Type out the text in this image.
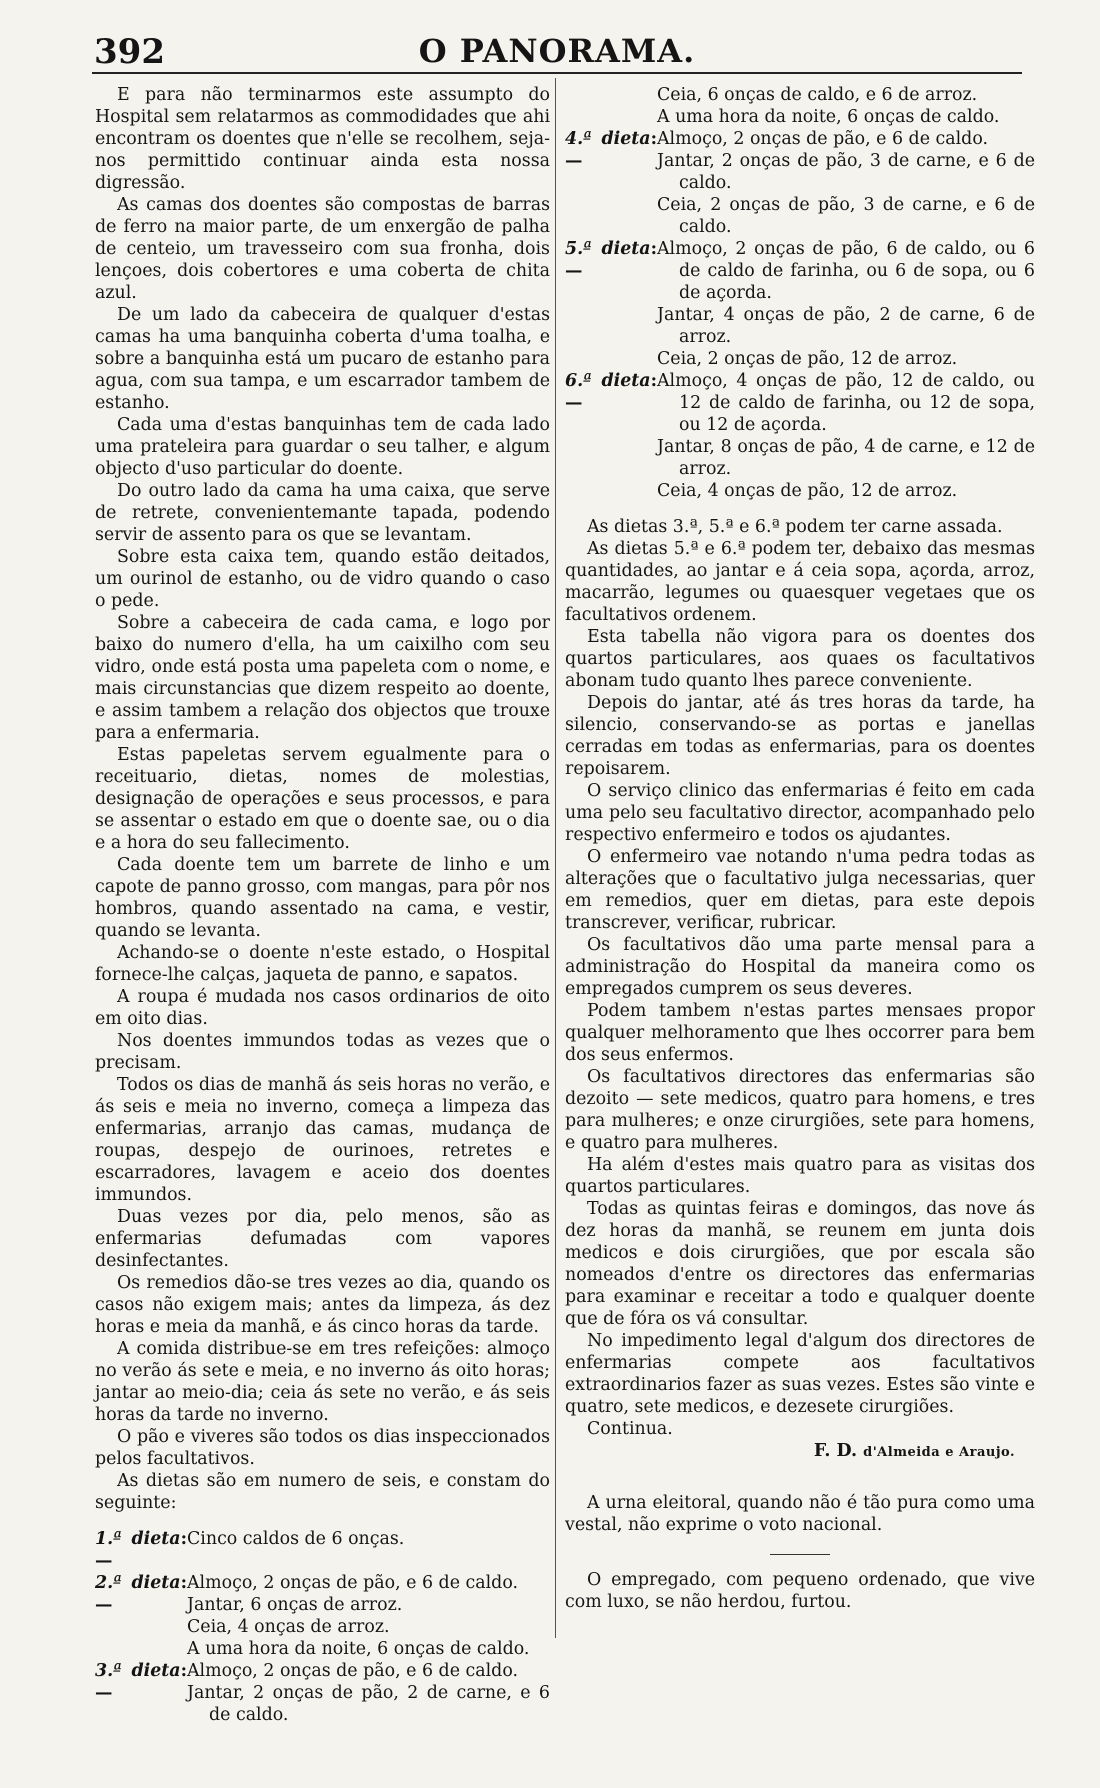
392	O PANORAMA.

E para não terminarmos este assumpto do Hospital sem relatarmos as commodidades que ahi encontram os doentes que n'elle se recolhem, seja-nos permittido continuar ainda esta nossa digressão.

As camas dos doentes são compostas de barras de ferro na maior parte, de um enxergão de palha de centeio, um travesseiro com sua fronha, dois lençoes, dois cobertores e uma coberta de chita azul.

De um lado da cabeceira de qualquer d'estas camas ha uma banquinha coberta d'uma toalha, e sobre a banquinha está um pucaro de estanho para agua, com sua tampa, e um escarrador tambem de estanho.

Cada uma d'estas banquinhas tem de cada lado uma prateleira para guardar o seu talher, e algum objecto d'uso particular do doente.

Do outro lado da cama ha uma caixa, que serve de retrete, convenientemante tapada, podendo servir de assento para os que se levantam.

Sobre esta caixa tem, quando estão deitados, um ourinol de estanho, ou de vidro quando o caso o pede.

Sobre a cabeceira de cada cama, e logo por baixo do numero d'ella, ha um caixilho com seu vidro, onde está posta uma papeleta com o nome, e mais circunstancias que dizem respeito ao doente, e assim tambem a relação dos objectos que trouxe para a enfermaria.

Estas papeletas servem egualmente para o receituario, dietas, nomes de molestias, designação de operações e seus processos, e para se assentar o estado em que o doente sae, ou o dia e a hora do seu fallecimento.

Cada doente tem um barrete de linho e um capote de panno grosso, com mangas, para pôr nos hombros, quando assentado na cama, e vestir, quando se levanta.

Achando-se o doente n'este estado, o Hospital fornece-lhe calças, jaqueta de panno, e sapatos.

A roupa é mudada nos casos ordinarios de oito em oito dias.

Nos doentes immundos todas as vezes que o precisam.

Todos os dias de manhã ás seis horas no verão, e ás seis e meia no inverno, começa a limpeza das enfermarias, arranjo das camas, mudança de roupas, despejo de ourinoes, retretes e escarradores, lavagem e aceio dos doentes immundos.

Duas vezes por dia, pelo menos, são as enfermarias defumadas com vapores desinfectantes.

Os remedios dão-se tres vezes ao dia, quando os casos não exigem mais; antes da limpeza, ás dez horas e meia da manhã, e ás cinco horas da tarde.

A comida distribue-se em tres refeições: almoço no verão ás sete e meia, e no inverno ás oito horas; jantar ao meio-dia; ceia ás sete no verão, e ás seis horas da tarde no inverno.

O pão e viveres são todos os dias inspeccionados pelos facultativos.

As dietas são em numero de seis, e constam do seguinte:

1.ª dieta: —
Cinco caldos de 6 onças.
2.ª dieta: —
Almoço, 2 onças de pão, e 6 de caldo.
Jantar, 6 onças de arroz.
Ceia, 4 onças de arroz.
A uma hora da noite, 6 onças de caldo.
3.ª dieta: —
Almoço, 2 onças de pão, e 6 de caldo.
Jantar, 2 onças de pão, 2 de carne, e 6 de caldo.
Ceia, 6 onças de caldo, e 6 de arroz.
A uma hora da noite, 6 onças de caldo.
4.ª dieta: —
Almoço, 2 onças de pão, e 6 de caldo.
Jantar, 2 onças de pão, 3 de carne, e 6 de caldo.
Ceia, 2 onças de pão, 3 de carne, e 6 de caldo.
5.ª dieta: —
Almoço, 2 onças de pão, 6 de caldo, ou 6 de caldo de farinha, ou 6 de sopa, ou 6 de açorda.
Jantar, 4 onças de pão, 2 de carne, 6 de arroz.
Ceia, 2 onças de pão, 12 de arroz.
6.ª dieta: —
Almoço, 4 onças de pão, 12 de caldo, ou 12 de caldo de farinha, ou 12 de sopa, ou 12 de açorda.
Jantar, 8 onças de pão, 4 de carne, e 12 de arroz.
Ceia, 4 onças de pão, 12 de arroz.

As dietas 3.ª, 5.ª e 6.ª podem ter carne assada.

As dietas 5.ª e 6.ª podem ter, debaixo das mesmas quantidades, ao jantar e á ceia sopa, açorda, arroz, macarrão, legumes ou quaesquer vegetaes que os facultativos ordenem.

Esta tabella não vigora para os doentes dos quartos particulares, aos quaes os facultativos abonam tudo quanto lhes parece conveniente.

Depois do jantar, até ás tres horas da tarde, ha silencio, conservando-se as portas e janellas cerradas em todas as enfermarias, para os doentes repoisarem.

O serviço clinico das enfermarias é feito em cada uma pelo seu facultativo director, acompanhado pelo respectivo enfermeiro e todos os ajudantes.

O enfermeiro vae notando n'uma pedra todas as alterações que o facultativo julga necessarias, quer em remedios, quer em dietas, para este depois transcrever, verificar, rubricar.

Os facultativos dão uma parte mensal para a administração do Hospital da maneira como os empregados cumprem os seus deveres.

Podem tambem n'estas partes mensaes propor qualquer melhoramento que lhes occorrer para bem dos seus enfermos.

Os facultativos directores das enfermarias são dezoito — sete medicos, quatro para homens, e tres para mulheres; e onze cirurgiões, sete para homens, e quatro para mulheres.

Ha além d'estes mais quatro para as visitas dos quartos particulares.

Todas as quintas feiras e domingos, das nove ás dez horas da manhã, se reunem em junta dois medicos e dois cirurgiões, que por escala são nomeados d'entre os directores das enfermarias para examinar e receitar a todo e qualquer doente que de fóra os vá consultar.

No impedimento legal d'algum dos directores de enfermarias compete aos facultativos extraordinarios fazer as suas vezes. Estes são vinte e quatro, sete medicos, e dezesete cirurgiões.

Continua.

F. D. d'Almeida e Araujo.

A urna eleitoral, quando não é tão pura como uma vestal, não exprime o voto nacional.

O empregado, com pequeno ordenado, que vive com luxo, se não herdou, furtou.
